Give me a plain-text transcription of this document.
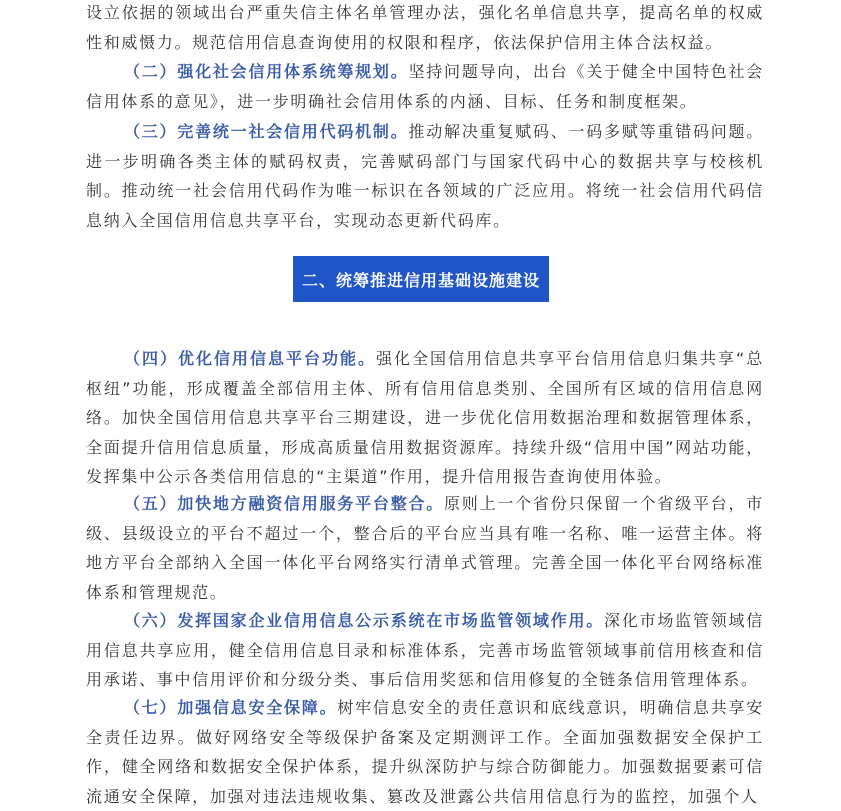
设立依据的领域出台严重失信主体名单管理办法，强化名单信息共享，提高名单的权威性和威慑力。规范信用信息查询使用的权限和程序，依法保护信用主体合法权益。

（二）强化社会信用体系统筹规划。坚持问题导向，出台《关于健全中国特色社会信用体系的意见》，进一步明确社会信用体系的内涵、目标、任务和制度框架。

（三）完善统一社会信用代码机制。推动解决重复赋码、一码多赋等重错码问题。进一步明确各类主体的赋码权责，完善赋码部门与国家代码中心的数据共享与校核机制。推动统一社会信用代码作为唯一标识在各领域的广泛应用。将统一社会信用代码信息纳入全国信用信息共享平台，实现动态更新代码库。

二、统筹推进信用基础设施建设

（四）优化信用信息平台功能。强化全国信用信息共享平台信用信息归集共享“总枢纽”功能，形成覆盖全部信用主体、所有信用信息类别、全国所有区域的信用信息网络。加快全国信用信息共享平台三期建设，进一步优化信用数据治理和数据管理体系，全面提升信用信息质量，形成高质量信用数据资源库。持续升级“信用中国”网站功能，发挥集中公示各类信用信息的“主渠道”作用，提升信用报告查询使用体验。

（五）加快地方融资信用服务平台整合。原则上一个省份只保留一个省级平台，市级、县级设立的平台不超过一个，整合后的平台应当具有唯一名称、唯一运营主体。将地方平台全部纳入全国一体化平台网络实行清单式管理。完善全国一体化平台网络标准体系和管理规范。

（六）发挥国家企业信用信息公示系统在市场监管领域作用。深化市场监管领域信用信息共享应用，健全信用信息目录和标准体系，完善市场监管领域事前信用核查和信用承诺、事中信用评价和分级分类、事后信用奖惩和信用修复的全链条信用管理体系。

（七）加强信息安全保障。树牢信息安全的责任意识和底线意识，明确信息共享安全责任边界。做好网络安全等级保护备案及定期测评工作。全面加强数据安全保护工作，健全网络和数据安全保护体系，提升纵深防护与综合防御能力。加强数据要素可信流通安全保障，加强对违法违规收集、篡改及泄露公共信用信息行为的监控，加强个人
